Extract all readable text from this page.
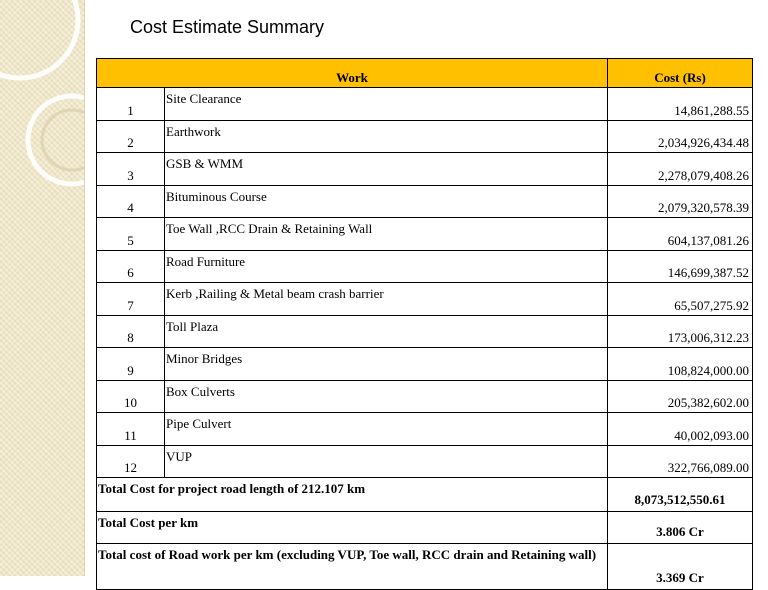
Cost Estimate Summary
Work		Cost (Rs)
1	Site Clearance	14,861,288.55
2	Earthwork	2,034,926,434.48
3	GSB & WMM	2,278,079,408.26
4	Bituminous Course	2,079,320,578.39
5	Toe Wall ,RCC Drain & Retaining Wall	604,137,081.26
6	Road Furniture	146,699,387.52
7	Kerb ,Railing & Metal beam crash barrier	65,507,275.92
8	Toll Plaza	173,006,312.23
9	Minor Bridges	108,824,000.00
10	Box Culverts	205,382,602.00
11	Pipe Culvert	40,002,093.00
12	VUP	322,766,089.00
Total Cost for project road length of 212.107 km		8,073,512,550.61
Total Cost per km		3.806 Cr
Total cost of Road work per km (excluding VUP, Toe wall, RCC drain and Retaining wall)		3.369 Cr
